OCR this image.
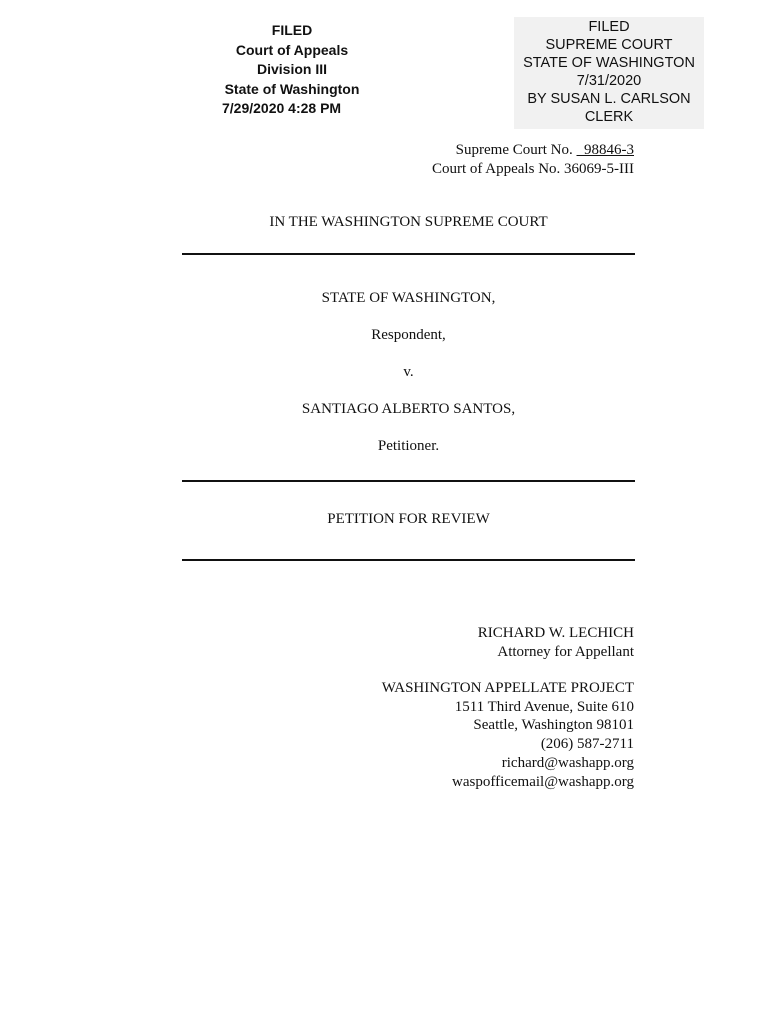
FILED
Court of Appeals
Division III
State of Washington
7/29/2020 4:28 PM
FILED
SUPREME COURT
STATE OF WASHINGTON
7/31/2020
BY SUSAN L. CARLSON
CLERK
Supreme Court No. 98846-3
Court of Appeals No. 36069-5-III
IN THE WASHINGTON SUPREME COURT
STATE OF WASHINGTON,
Respondent,
v.
SANTIAGO ALBERTO SANTOS,
Petitioner.
PETITION FOR REVIEW
RICHARD W. LECHICH
Attorney for Appellant
WASHINGTON APPELLATE PROJECT
1511 Third Avenue, Suite 610
Seattle, Washington 98101
(206) 587-2711
richard@washapp.org
waspofficemail@washapp.org
